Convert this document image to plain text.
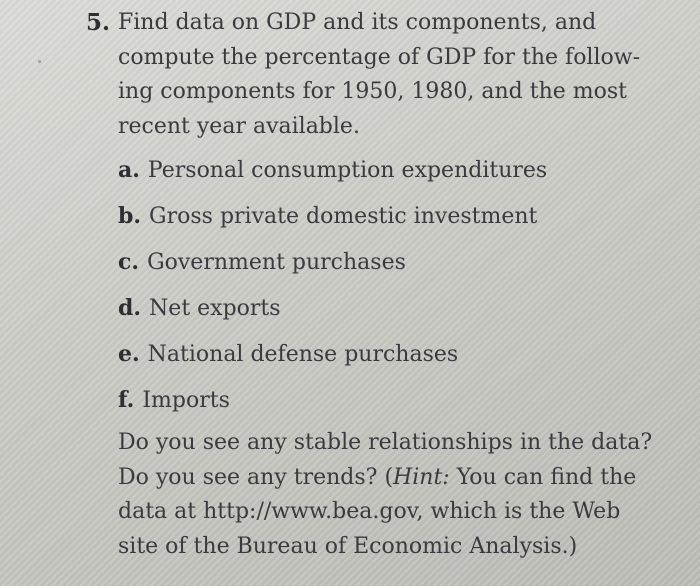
5. Find data on GDP and its components, and
compute the percentage of GDP for the follow-
ing components for 1950, 1980, and the most
recent year available.
a. Personal consumption expenditures
b. Gross private domestic investment
c. Government purchases
d. Net exports
e. National defense purchases
f. Imports
Do you see any stable relationships in the data?
Do you see any trends? (Hint: You can find the
data at http://www.bea.gov, which is the Web
site of the Bureau of Economic Analysis.)
